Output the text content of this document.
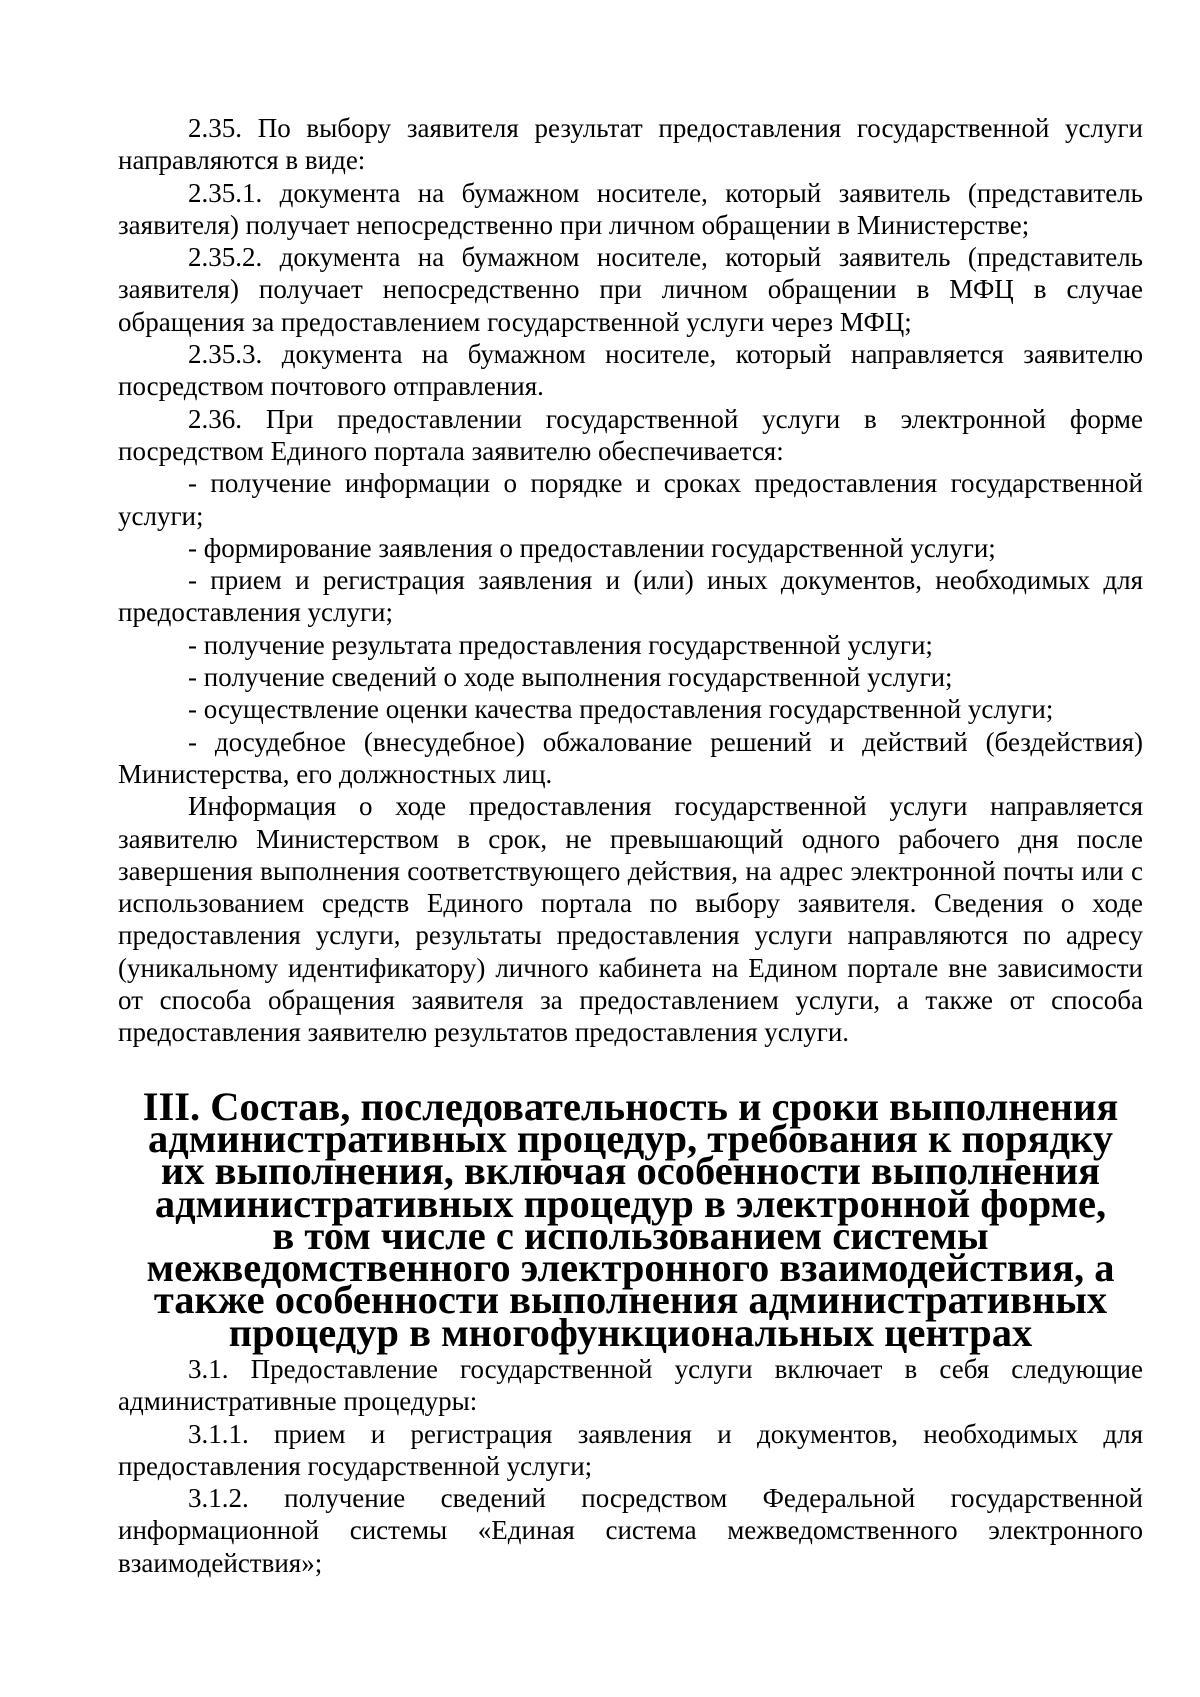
2.35. По выбору заявителя результат предоставления государственной услуги направляются в виде:

2.35.1. документа на бумажном носителе, который заявитель (представитель заявителя) получает непосредственно при личном обращении в Министерстве;

2.35.2. документа на бумажном носителе, который заявитель (представитель заявителя) получает непосредственно при личном обращении в МФЦ в случае обращения за предоставлением государственной услуги через МФЦ;

2.35.3. документа на бумажном носителе, который направляется заявителю посредством почтового отправления.

2.36. При предоставлении государственной услуги в электронной форме посредством Единого портала заявителю обеспечивается:

- получение информации о порядке и сроках предоставления государственной услуги;

- формирование заявления о предоставлении государственной услуги;

- прием и регистрация заявления и (или) иных документов, необходимых для предоставления услуги;

- получение результата предоставления государственной услуги;

- получение сведений о ходе выполнения государственной услуги;

- осуществление оценки качества предоставления государственной услуги;

- досудебное (внесудебное) обжалование решений и действий (бездействия) Министерства, его должностных лиц.

Информация о ходе предоставления государственной услуги направляется заявителю Министерством в срок, не превышающий одного рабочего дня после завершения выполнения соответствующего действия, на адрес электронной почты или с использованием средств Единого портала по выбору заявителя. Сведения о ходе предоставления услуги, результаты предоставления услуги направляются по адресу (уникальному идентификатору) личного кабинета на Едином портале вне зависимости от способа обращения заявителя за предоставлением услуги, а также от способа предоставления заявителю результатов предоставления услуги.

III. Состав, последовательность и сроки выполнения административных процедур, требования к порядку их выполнения, включая особенности выполнения административных процедур в электронной форме, в том числе с использованием системы межведомственного электронного взаимодействия, а также особенности выполнения административных процедур в многофункциональных центрах

3.1. Предоставление государственной услуги включает в себя следующие административные процедуры:

3.1.1. прием и регистрация заявления и документов, необходимых для предоставления государственной услуги;

3.1.2. получение сведений посредством Федеральной государственной информационной системы «Единая система межведомственного электронного взаимодействия»;
